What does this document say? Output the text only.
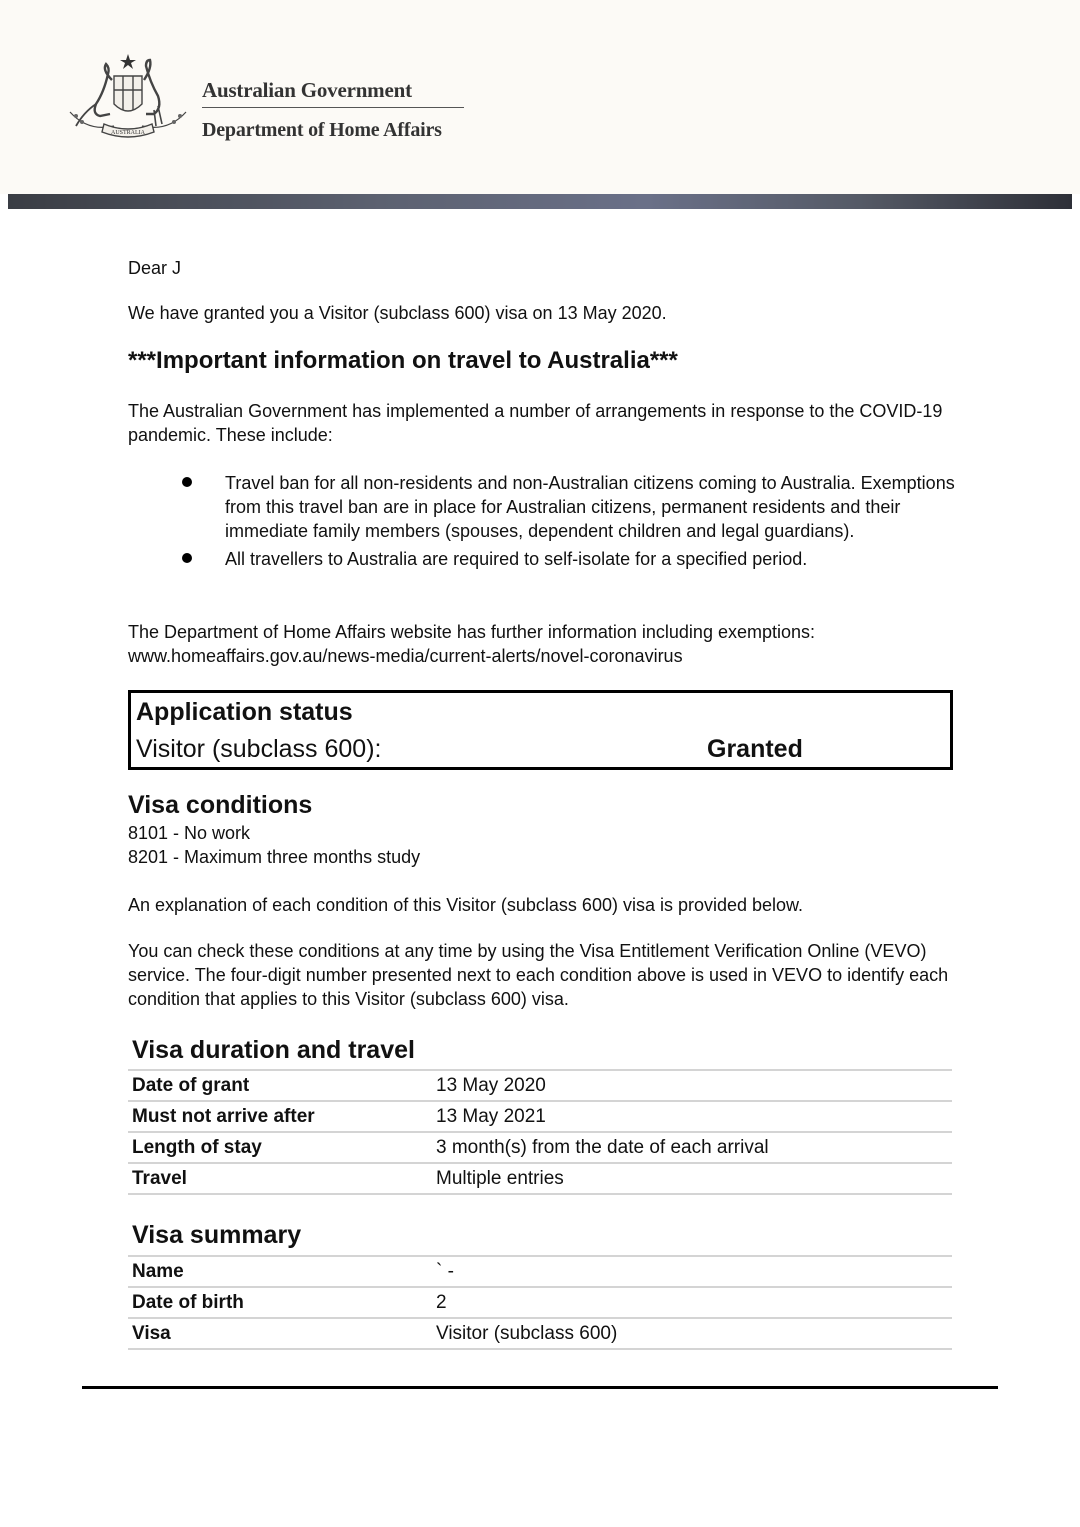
AUSTRALIA
Australian Government
Department of Home Affairs

Dear J

We have granted you a Visitor (subclass 600) visa on 13 May 2020.

***Important information on travel to Australia***

The Australian Government has implemented a number of arrangements in response to the COVID-19 pandemic. These include:

Travel ban for all non-residents and non-Australian citizens coming to Australia. Exemptions from this travel ban are in place for Australian citizens, permanent residents and their immediate family members (spouses, dependent children and legal guardians).
All travellers to Australia are required to self-isolate for a specified period.

The Department of Home Affairs website has further information including exemptions:

www.homeaffairs.gov.au/news-media/current-alerts/novel-coronavirus

Application status
Visitor (subclass 600):	Granted
Visa conditions

8101 - No work

8201 - Maximum three months study

An explanation of each condition of this Visitor (subclass 600) visa is provided below.

You can check these conditions at any time by using the Visa Entitlement Verification Online (VEVO) service. The four-digit number presented next to each condition above is used in VEVO to identify each condition that applies to this Visitor (subclass 600) visa.

Visa duration and travel
Date of grant	13 May 2020
Must not arrive after	13 May 2021
Length of stay	3 month(s) from the date of each arrival
Travel	Multiple entries
Visa summary
Name	` -
Date of birth	2
Visa	Visitor (subclass 600)
